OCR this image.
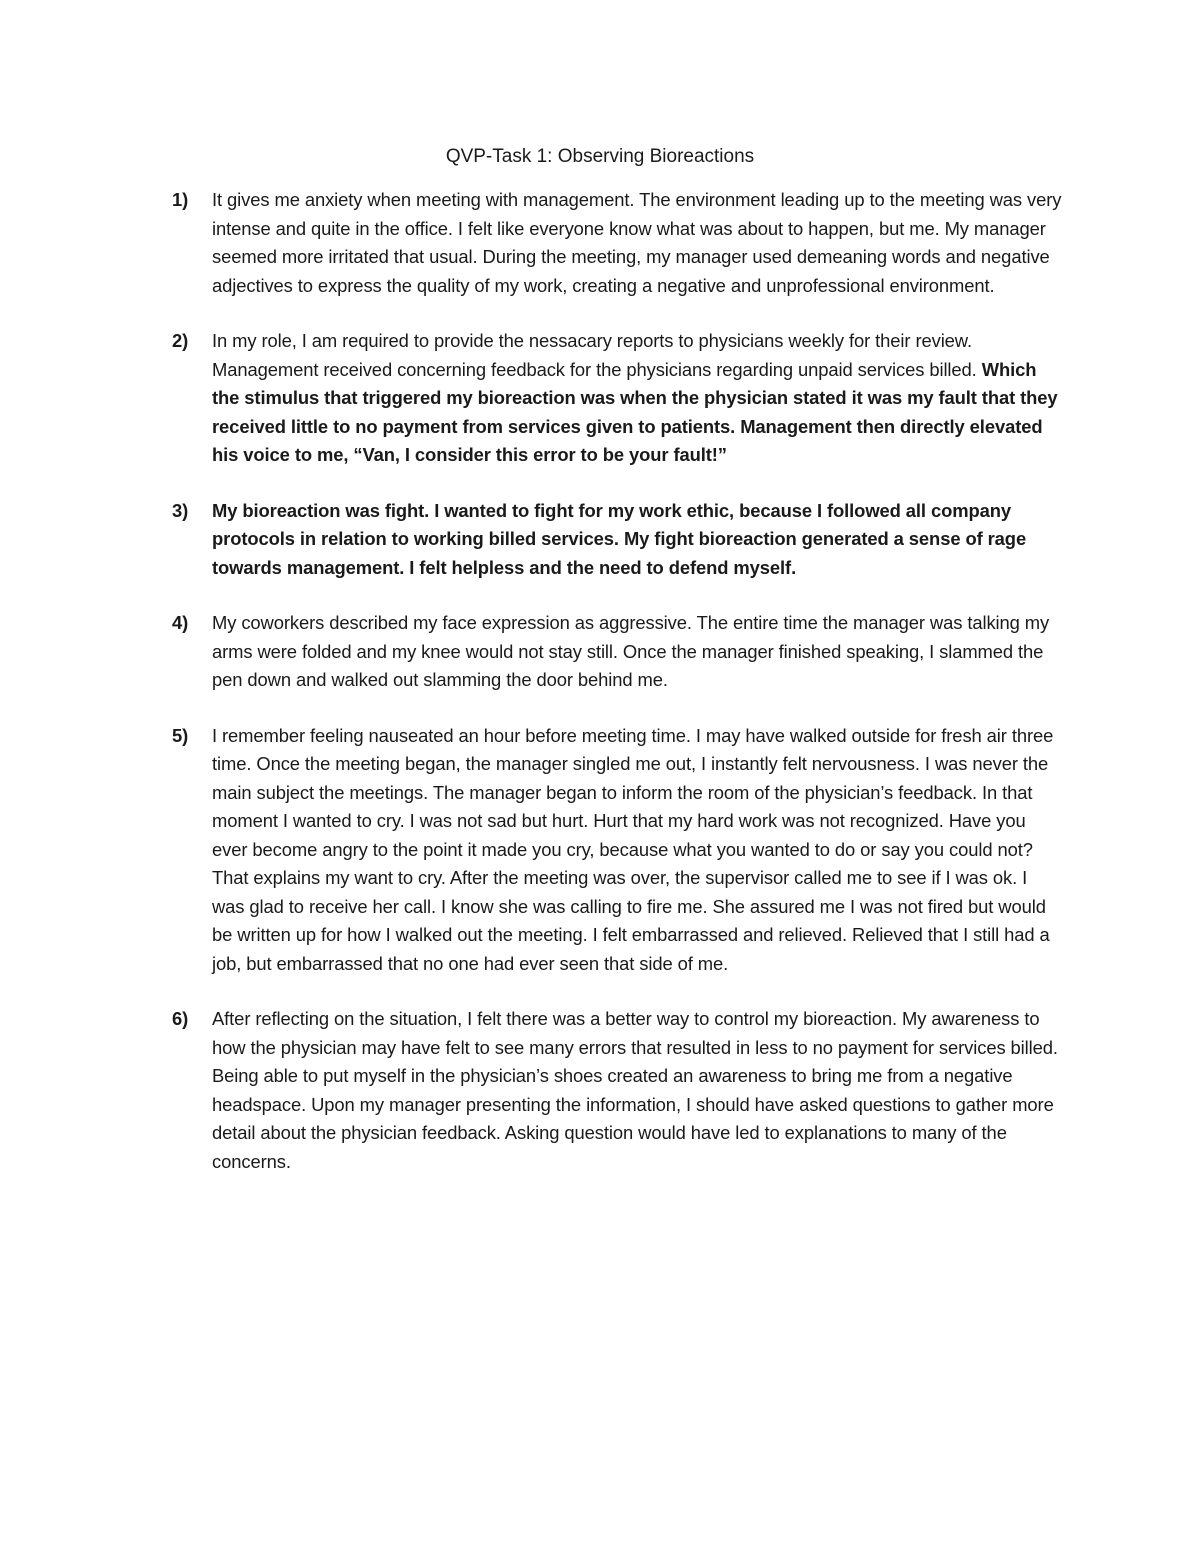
QVP-Task 1: Observing Bioreactions
1) It gives me anxiety when meeting with management. The environment leading up to the meeting was very intense and quite in the office. I felt like everyone know what was about to happen, but me. My manager seemed more irritated that usual. During the meeting, my manager used demeaning words and negative adjectives to express the quality of my work, creating a negative and unprofessional environment.
2) In my role, I am required to provide the nessacary reports to physicians weekly for their review. Management received concerning feedback for the physicians regarding unpaid services billed. Which the stimulus that triggered my bioreaction was when the physician stated it was my fault that they received little to no payment from services given to patients. Management then directly elevated his voice to me, “Van, I consider this error to be your fault!”
3) My bioreaction was fight. I wanted to fight for my work ethic, because I followed all company protocols in relation to working billed services. My fight bioreaction generated a sense of rage towards management. I felt helpless and the need to defend myself.
4) My coworkers described my face expression as aggressive. The entire time the manager was talking my arms were folded and my knee would not stay still. Once the manager finished speaking, I slammed the pen down and walked out slamming the door behind me.
5) I remember feeling nauseated an hour before meeting time. I may have walked outside for fresh air three time. Once the meeting began, the manager singled me out, I instantly felt nervousness. I was never the main subject the meetings. The manager began to inform the room of the physician’s feedback. In that moment I wanted to cry. I was not sad but hurt. Hurt that my hard work was not recognized. Have you ever become angry to the point it made you cry, because what you wanted to do or say you could not? That explains my want to cry. After the meeting was over, the supervisor called me to see if I was ok. I was glad to receive her call. I know she was calling to fire me. She assured me I was not fired but would be written up for how I walked out the meeting. I felt embarrassed and relieved. Relieved that I still had a job, but embarrassed that no one had ever seen that side of me.
6) After reflecting on the situation, I felt there was a better way to control my bioreaction. My awareness to how the physician may have felt to see many errors that resulted in less to no payment for services billed. Being able to put myself in the physician’s shoes created an awareness to bring me from a negative headspace. Upon my manager presenting the information, I should have asked questions to gather more detail about the physician feedback. Asking question would have led to explanations to many of the concerns.
